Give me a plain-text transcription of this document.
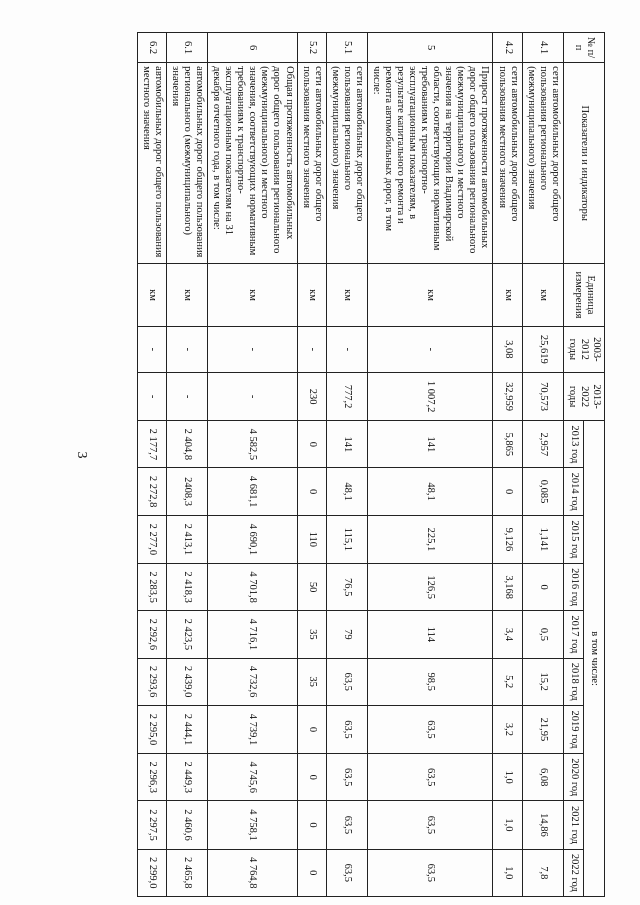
3
№ п/п	Показатели и индикаторы	Единица измерения	2003-2012 годы	2013-2022 годы	в том числе:									
					2013 год	2014 год	2015 год	2016 год	2017 год	2018 год	2019 год	2020 год	2021 год	2022 год
4.1	сети автомобильных дорог общего пользования регионального (межмуниципального) значения	км	25,619	70,573	2,957	0,085	1,141	0	0,5	15,2	21,95	6,08	14,86	7,8
4.2	сети автомобильных дорог общего пользования местного значения	км	3,08	32,959	5,865	0	9,126	3,168	3,4	5,2	3,2	1,0	1,0	1,0
5	Прирост протяженности автомобильных дорог общего пользования регионального (межмуниципального) и местного значения на территории Владимирской области, соответствующих нормативным требованиям к транспортно-эксплуатационным показателям, в результате капитального ремонта и ремонта автомобильных дорог, в том числе:	км	-	1 007,2	141	48,1	225,1	126,5	114	98,5	63,5	63,5	63,5	63,5
5.1	сети автомобильных дорог общего пользования регионального (межмуниципального) значения	км	-	777,2	141	48,1	115,1	76,5	79	63,5	63,5	63,5	63,5	63,5
5.2	сети автомобильных дорог общего пользования местного значения	км	-	230	0	0	110	50	35	35	0	0	0	0
6	Общая протяженность автомобильных дорог общего пользования регионального (межмуниципального) и местного значения, соответствующих нормативным требованиям к транспортно-эксплуатационным показателям на 31 декабря отчетного года, в том числе:	км	-	-	4 582,5	4 681,1	4 690,1	4 701,8	4 716,1	4 732,6	4 739,1	4 745,6	4 758,1	4 764,8
6.1	автомобильных дорог общего пользования регионального (межмуниципального) значения	км	-	-	2 404,8	2408,3	2 413,1	2 418,3	2 423,5	2 439,0	2 444,1	2 449,3	2 460,6	2 465,8
6.2	автомобильных дорог общего пользования местного значения	км	-	-	2 177,7	2 272,8	2 277,0	2 283,5	2 292,6	2 293,6	2 295,0	2 296,3	2 297,5	2 299,0
